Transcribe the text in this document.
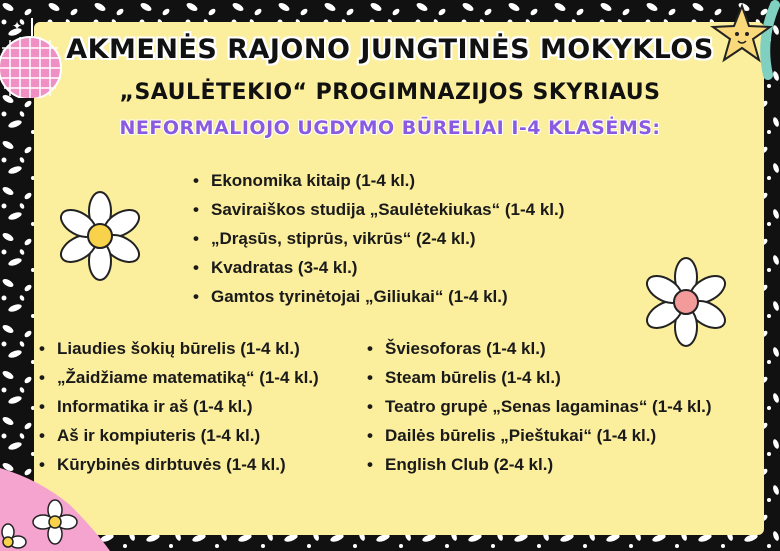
✦
AKMENĖS RAJONO JUNGTINĖS MOKYKLOS
„SAULĖTEKIO“ PROGIMNAZIJOS SKYRIAUS
NEFORMALIOJO UGDYMO BŪRELIAI I-4 KLASĖMS:
• Ekonomika kitaip (1-4 kl.)
• Saviraiškos studija „Saulėtekiukas“ (1-4 kl.)
• „Drąsūs, stiprūs, vikrūs“ (2-4 kl.)
• Kvadratas (3-4 kl.)
• Gamtos tyrinėtojai „Giliukai“ (1-4 kl.)
• Liaudies šokių būrelis (1-4 kl.)
• „Žaidžiame matematiką“ (1-4 kl.)
• Informatika ir aš (1-4 kl.)
• Aš ir kompiuteris (1-4 kl.)
• Kūrybinės dirbtuvės (1-4 kl.)
• Šviesoforas (1-4 kl.)
• Steam būrelis (1-4 kl.)
• Teatro grupė „Senas lagaminas“ (1-4 kl.)
• Dailės būrelis „Pieštukai“ (1-4 kl.)
• English Club (2-4 kl.)
